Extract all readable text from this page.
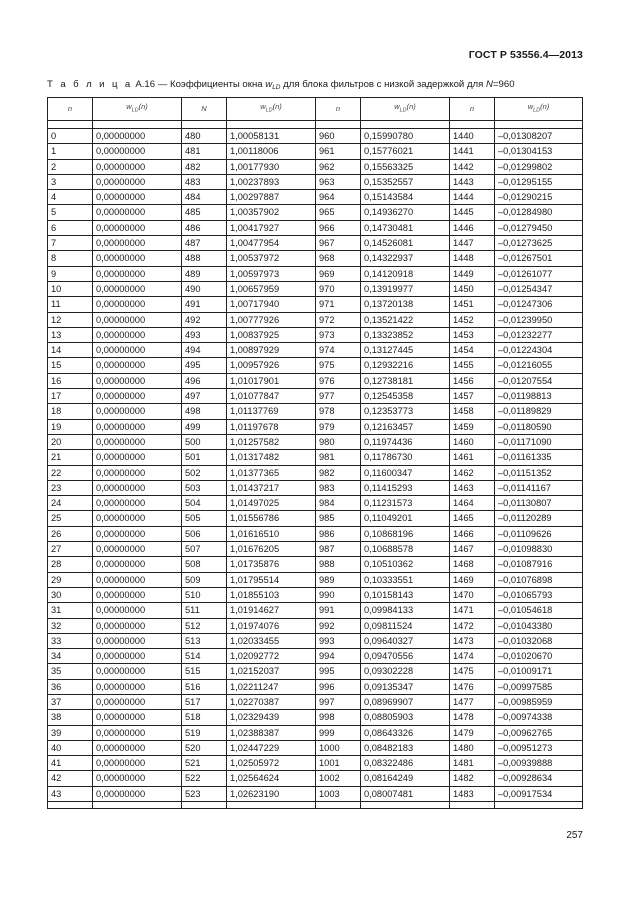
ГОСТ Р 53556.4—2013
Т а б л и ц а А.16 — Коэффициенты окна $w_{LD}$ для блока фильтров с низкой задержкой для N=960
n	$w_{LD}(n)$	N	$w_{LD}(n)$	n	$w_{LD}(n)$	n	$w_{LD}(n)$

0	0,00000000	480	1,00058131	960	0,15990780	1440	–0,01308207
1	0,00000000	481	1,00118006	961	0,15776021	1441	–0,01304153
2	0,00000000	482	1,00177930	962	0,15563325	1442	–0,01299802
3	0,00000000	483	1,00237893	963	0,15352557	1443	–0,01295155
4	0,00000000	484	1,00297887	964	0,15143584	1444	–0,01290215
5	0,00000000	485	1,00357902	965	0,14936270	1445	–0,01284980
6	0,00000000	486	1,00417927	966	0,14730481	1446	–0,01279450
7	0,00000000	487	1,00477954	967	0,14526081	1447	–0,01273625
8	0,00000000	488	1,00537972	968	0,14322937	1448	–0,01267501
9	0,00000000	489	1,00597973	969	0,14120918	1449	–0,01261077
10	0,00000000	490	1,00657959	970	0,13919977	1450	–0,01254347
11	0,00000000	491	1,00717940	971	0,13720138	1451	–0,01247306
12	0,00000000	492	1,00777926	972	0,13521422	1452	–0,01239950
13	0,00000000	493	1,00837925	973	0,13323852	1453	–0,01232277
14	0,00000000	494	1,00897929	974	0,13127445	1454	–0,01224304
15	0,00000000	495	1,00957926	975	0,12932216	1455	–0,01216055
16	0,00000000	496	1,01017901	976	0,12738181	1456	–0,01207554
17	0,00000000	497	1,01077847	977	0,12545358	1457	–0,01198813
18	0,00000000	498	1,01137769	978	0,12353773	1458	–0,01189829
19	0,00000000	499	1,01197678	979	0,12163457	1459	–0,01180590
20	0,00000000	500	1,01257582	980	0,11974436	1460	–0,01171090
21	0,00000000	501	1,01317482	981	0,11786730	1461	–0,01161335
22	0,00000000	502	1,01377365	982	0,11600347	1462	–0,01151352
23	0,00000000	503	1,01437217	983	0,11415293	1463	–0,01141167
24	0,00000000	504	1,01497025	984	0,11231573	1464	–0,01130807
25	0,00000000	505	1,01556786	985	0,11049201	1465	–0,01120289
26	0,00000000	506	1,01616510	986	0,10868196	1466	–0,01109626
27	0,00000000	507	1,01676205	987	0,10688578	1467	–0,01098830
28	0,00000000	508	1,01735876	988	0,10510362	1468	–0,01087916
29	0,00000000	509	1,01795514	989	0,10333551	1469	–0,01076898
30	0,00000000	510	1,01855103	990	0,10158143	1470	–0,01065793
31	0,00000000	511	1,01914627	991	0,09984133	1471	–0,01054618
32	0,00000000	512	1,01974076	992	0,09811524	1472	–0,01043380
33	0,00000000	513	1,02033455	993	0,09640327	1473	–0,01032068
34	0,00000000	514	1,02092772	994	0,09470556	1474	–0,01020670
35	0,00000000	515	1,02152037	995	0,09302228	1475	–0,01009171
36	0,00000000	516	1,02211247	996	0,09135347	1476	–0,00997585
37	0,00000000	517	1,02270387	997	0,08969907	1477	–0,00985959
38	0,00000000	518	1,02329439	998	0,08805903	1478	–0,00974338
39	0,00000000	519	1,02388387	999	0,08643326	1479	–0,00962765
40	0,00000000	520	1,02447229	1000	0,08482183	1480	–0,00951273
41	0,00000000	521	1,02505972	1001	0,08322486	1481	–0,00939888
42	0,00000000	522	1,02564624	1002	0,08164249	1482	–0,00928634
43	0,00000000	523	1,02623190	1003	0,08007481	1483	–0,00917534

257
